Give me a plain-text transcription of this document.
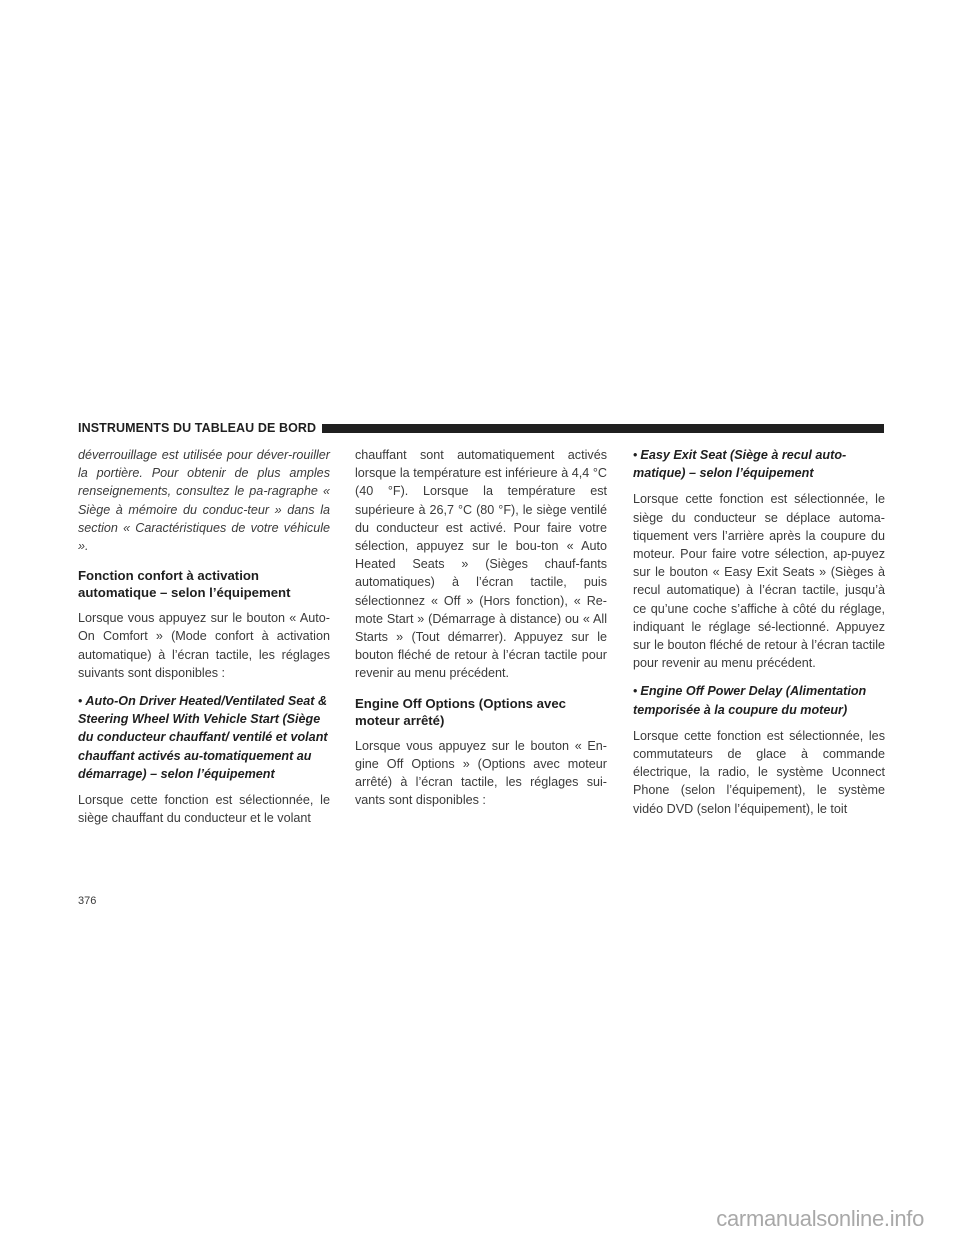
INSTRUMENTS DU TABLEAU DE BORD

déverrouillage est utilisée pour déver-rouiller la portière. Pour obtenir de plus amples renseignements, consultez le pa-ragraphe « Siège à mémoire du conduc-teur » dans la section « Caractéristiques de votre véhicule ».

Fonction confort à activation automatique – selon l’équipement

Lorsque vous appuyez sur le bouton « Auto-On Comfort » (Mode confort à activation automatique) à l’écran tactile, les réglages suivants sont disponibles :

• Auto-On Driver Heated/Ventilated Seat & Steering Wheel With Vehicle Start (Siège du conducteur chauffant/ ventilé et volant chauffant activés au-tomatiquement au démarrage) – selon l’équipement

Lorsque cette fonction est sélectionnée, le siège chauffant du conducteur et le volant

chauffant sont automatiquement activés lorsque la température est inférieure à 4,4 °C (40 °F). Lorsque la température est supérieure à 26,7 °C (80 °F), le siège ventilé du conducteur est activé. Pour faire votre sélection, appuyez sur le bou-ton « Auto Heated Seats » (Sièges chauf-fants automatiques) à l’écran tactile, puis sélectionnez « Off » (Hors fonction), « Re-mote Start » (Démarrage à distance) ou « All Starts » (Tout démarrer). Appuyez sur le bouton fléché de retour à l’écran tactile pour revenir au menu précédent.

Engine Off Options (Options avec moteur arrêté)

Lorsque vous appuyez sur le bouton « En-gine Off Options » (Options avec moteur arrêté) à l’écran tactile, les réglages sui-vants sont disponibles :

• Easy Exit Seat (Siège à recul auto-matique) – selon l’équipement

Lorsque cette fonction est sélectionnée, le siège du conducteur se déplace automa-tiquement vers l’arrière après la coupure du moteur. Pour faire votre sélection, ap-puyez sur le bouton « Easy Exit Seats » (Sièges à recul automatique) à l’écran tactile, jusqu’à ce qu’une coche s’affiche à côté du réglage, indiquant le réglage sé-lectionné. Appuyez sur le bouton fléché de retour à l’écran tactile pour revenir au menu précédent.

• Engine Off Power Delay (Alimentation temporisée à la coupure du moteur)

Lorsque cette fonction est sélectionnée, les commutateurs de glace à commande électrique, la radio, le système Uconnect Phone (selon l’équipement), le système vidéo DVD (selon l’équipement), le toit

376
carmanualsonline.info
